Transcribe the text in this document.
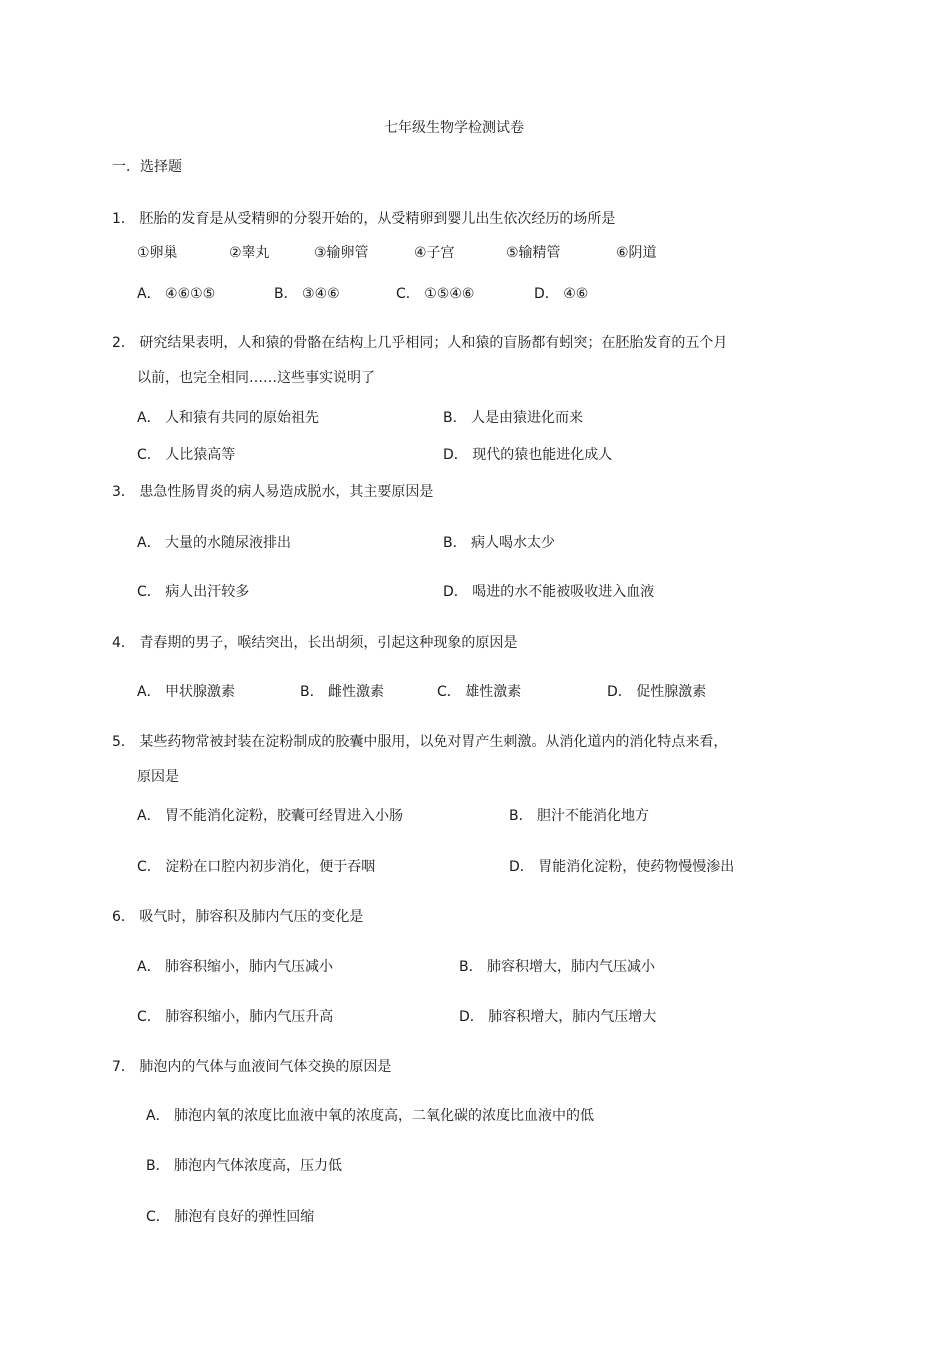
七年级生物学检测试卷
一．选择题
1． 胚胎的发育是从受精卵的分裂开始的，从受精卵到婴儿出生依次经历的场所是
①卵巢	②睾丸	③输卵管	④子宫	⑤输精管	⑥阴道
A． ④⑥①⑤	B． ③④⑥	C． ①⑤④⑥	D． ④⑥
2． 研究结果表明，人和猿的骨骼在结构上几乎相同；人和猿的盲肠都有蚓突；在胚胎发育的五个月
以前，也完全相同……这些事实说明了
A． 人和猿有共同的原始祖先	B． 人是由猿进化而来
C． 人比猿高等	D． 现代的猿也能进化成人
3． 患急性肠胃炎的病人易造成脱水，其主要原因是
A． 大量的水随尿液排出	B． 病人喝水太少
C． 病人出汗较多	D． 喝进的水不能被吸收进入血液
4． 青春期的男子，喉结突出，长出胡须，引起这种现象的原因是
A． 甲状腺激素	B． 雌性激素	C． 雄性激素	D． 促性腺激素
5． 某些药物常被封装在淀粉制成的胶囊中服用，以免对胃产生刺激。从消化道内的消化特点来看，
原因是
A． 胃不能消化淀粉，胶囊可经胃进入小肠	B． 胆汁不能消化地方
C． 淀粉在口腔内初步消化，便于吞咽	D． 胃能消化淀粉，使药物慢慢渗出
6． 吸气时，肺容积及肺内气压的变化是
A． 肺容积缩小，肺内气压减小	B． 肺容积增大，肺内气压减小
C． 肺容积缩小，肺内气压升高	D． 肺容积增大，肺内气压增大
7． 肺泡内的气体与血液间气体交换的原因是
A． 肺泡内氧的浓度比血液中氧的浓度高，二氧化碳的浓度比血液中的低
B． 肺泡内气体浓度高，压力低
C． 肺泡有良好的弹性回缩
